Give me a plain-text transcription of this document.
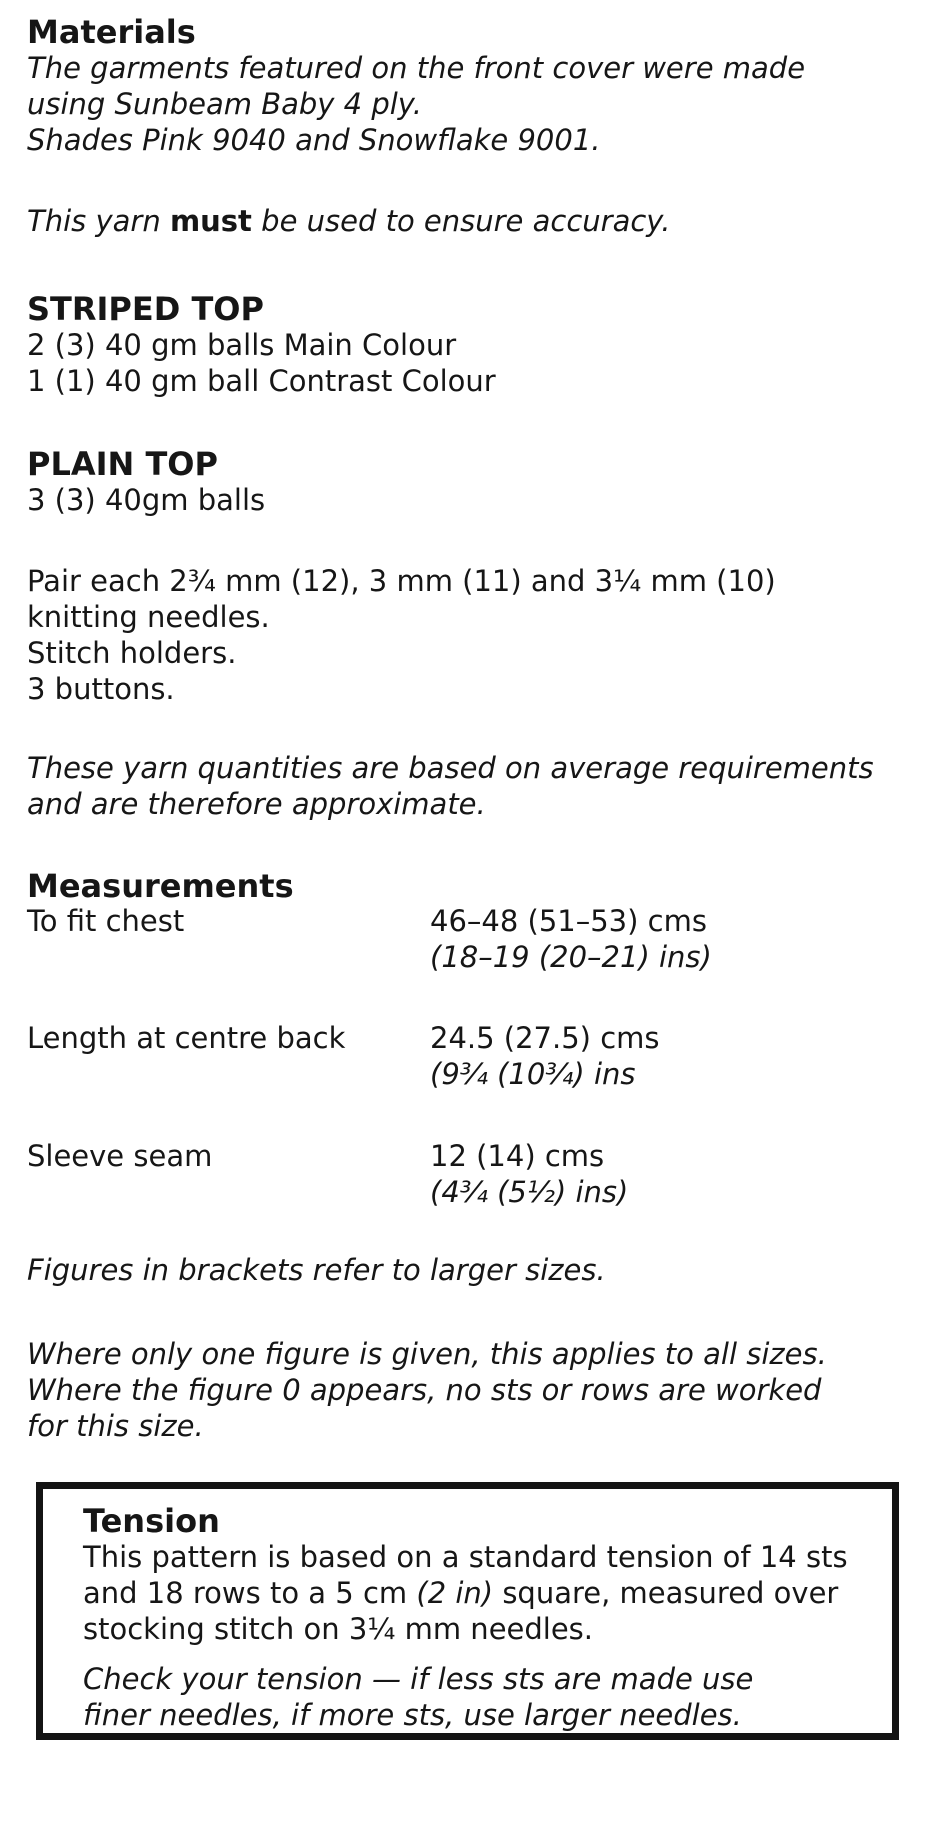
Materials

The garments featured on the front cover were made

using Sunbeam Baby 4 ply.

Shades Pink 9040 and Snowflake 9001.

This yarn must be used to ensure accuracy.

STRIPED TOP

2 (3) 40 gm balls Main Colour

1 (1) 40 gm ball Contrast Colour

PLAIN TOP

3 (3) 40gm balls

Pair each 2¾ mm (12), 3 mm (11) and 3¼ mm (10)

knitting needles.

Stitch holders.

3 buttons.

These yarn quantities are based on average requirements

and are therefore approximate.

Measurements

To fit chest	46–48 (51–53) cms
(18–19 (20–21) ins)
Length at centre back	24.5 (27.5) cms
(9¾ (10¾) ins
Sleeve seam	12 (14) cms
(4¾ (5½) ins)

Figures in brackets refer to larger sizes.

Where only one figure is given, this applies to all sizes.

Where the figure 0 appears, no sts or rows are worked

for this size.

Tension

This pattern is based on a standard tension of 14 sts

and 18 rows to a 5 cm (2 in) square, measured over

stocking stitch on 3¼ mm needles.

Check your tension — if less sts are made use

finer needles, if more sts, use larger needles.
